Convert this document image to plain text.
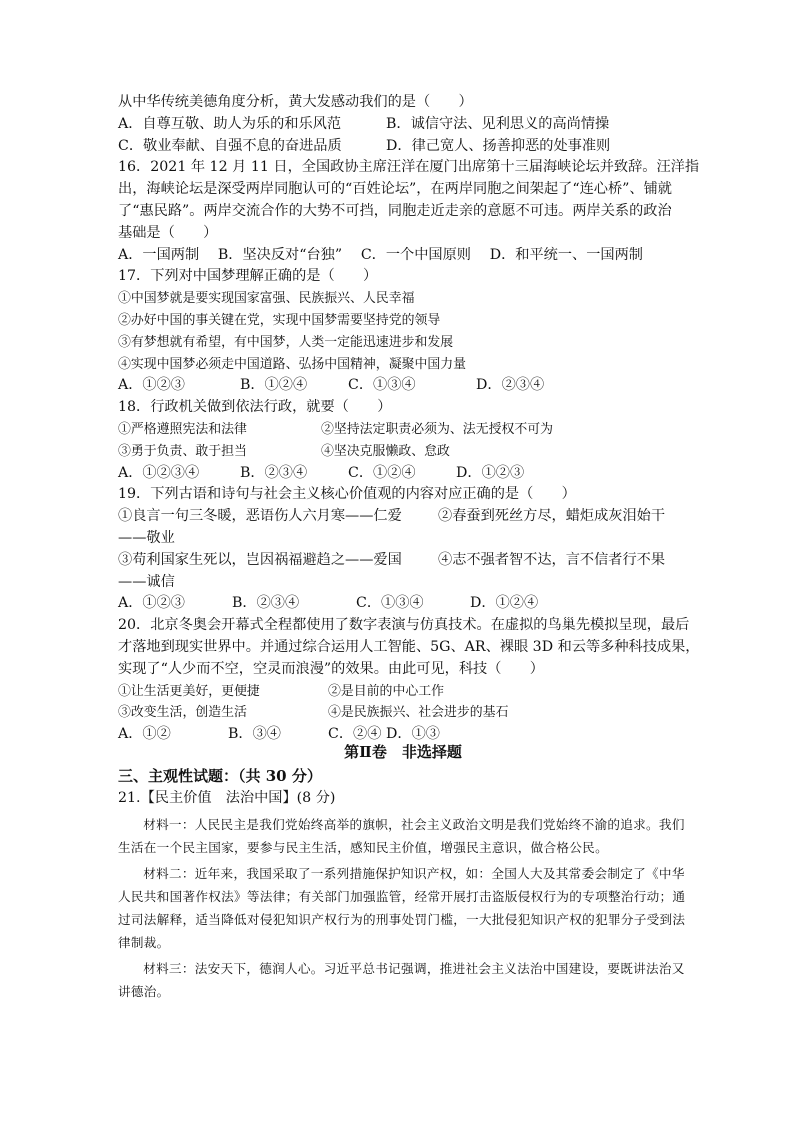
从中华传统美德角度分析，黄大发感动我们的是（　　）
A．自尊互敬、助人为乐的和乐风范	B．诚信守法、见利思义的高尚情操
C．敬业奉献、自强不息的奋进品质	D．律己宽人、扬善抑恶的处事准则
16．2021 年 12 月 11 日，全国政协主席汪洋在厦门出席第十三届海峡论坛并致辞。汪洋指
出，海峡论坛是深受两岸同胞认可的“百姓论坛”，在两岸同胞之间架起了“连心桥”、铺就
了“惠民路”。两岸交流合作的大势不可挡，同胞走近走亲的意愿不可违。两岸关系的政治
基础是（　　）
A．一国两制　 B．坚决反对“台独”　 C．一个中国原则　 D．和平统一、一国两制
17．下列对中国梦理解正确的是（　　）
①中国梦就是要实现国家富强、民族振兴、人民幸福
②办好中国的事关键在党，实现中国梦需要坚持党的领导
③有梦想就有希望，有中国梦，人类一定能迅速进步和发展
④实现中国梦必须走中国道路、弘扬中国精神，凝聚中国力量
A．①②③	B．①②④	C．①③④	D．②③④
18．行政机关做到依法行政，就要（　　）
①严格遵照宪法和法律	②坚持法定职责必须为、法无授权不可为
③勇于负责、敢于担当	④坚决克服懒政、怠政
A．①②③④	B．②③④	C．①②④	D．①②③
19．下列古语和诗句与社会主义核心价值观的内容对应正确的是（　　）
①良言一句三冬暖，恶语伤人六月寒——仁爱	②春蚕到死丝方尽，蜡炬成灰泪始干
——敬业
③苟利国家生死以，岂因祸福避趋之——爱国	④志不强者智不达，言不信者行不果
——诚信
A．①②③	B．②③④	C．①③④	D．①②④
20．北京冬奥会开幕式全程都使用了数字表演与仿真技术。在虚拟的鸟巢先模拟呈现，最后
才落地到现实世界中。并通过综合运用人工智能、5G、AR、裸眼 3D 和云等多种科技成果，
实现了“人少而不空，空灵而浪漫”的效果。由此可见，科技（　　）
①让生活更美好，更便捷	②是目前的中心工作
③改变生活，创造生活	④是民族振兴、社会进步的基石
A．①②	B．③④	C．②④ D．①③
第Ⅱ卷　非选择题
三、主观性试题：（共 30 分）
21.【民主价值　法治中国】(8 分)
材料一：人民民主是我们党始终高举的旗帜，社会主义政治文明是我们党始终不渝的追求。我们生活在一个民主国家，要参与民主生活，感知民主价值，增强民主意识，做合格公民。
材料二：近年来，我国采取了一系列措施保护知识产权，如：全国人大及其常委会制定了《中华人民共和国著作权法》等法律；有关部门加强监管，经常开展打击盗版侵权行为的专项整治行动；通过司法解释，适当降低对侵犯知识产权行为的刑事处罚门槛，一大批侵犯知识产权的犯罪分子受到法律制裁。
材料三：法安天下，德润人心。习近平总书记强调，推进社会主义法治中国建设，要既讲法治又讲德治。
